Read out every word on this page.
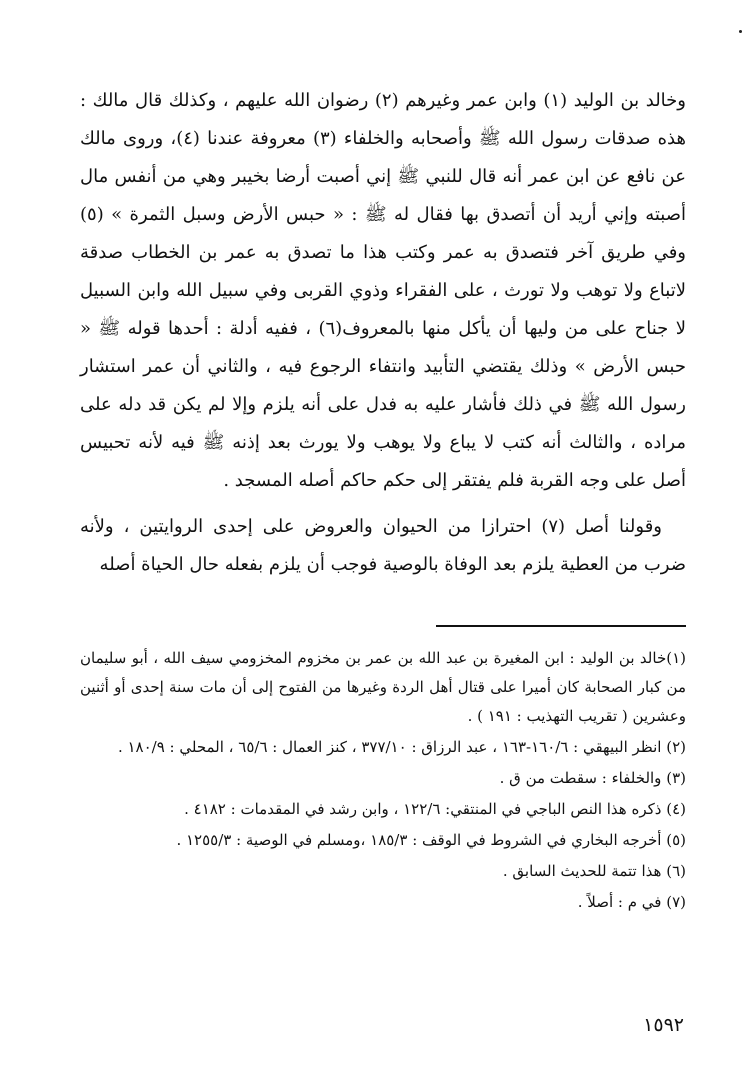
وخالد بن الوليد (١) وابن عمر وغيرهم (٢) رضوان الله عليهم ، وكذلك قال مالك : هذه صدقات رسول الله ﷺ وأصحابه والخلفاء (٣) معروفة عندنا (٤)، وروى مالك عن نافع عن ابن عمر أنه قال للنبي ﷺ إني أصبت أرضا بخيبر وهي من أنفس مال أصبته وإني أريد أن أتصدق بها فقال له ﷺ : « حبس الأرض وسبل الثمرة » (٥) وفي طريق آخر فتصدق به عمر وكتب هذا ما تصدق به عمر بن الخطاب صدقة لاتباع ولا توهب ولا تورث ، على الفقراء وذوي القربى وفي سبيل الله وابن السبيل لا جناح على من وليها أن يأكل منها بالمعروف(٦) ، ففيه أدلة : أحدها قوله ﷺ « حبس الأرض » وذلك يقتضي التأبيد وانتفاء الرجوع فيه ، والثاني أن عمر استشار رسول الله ﷺ في ذلك فأشار عليه به فدل على أنه يلزم وإلا لم يكن قد دله على مراده ، والثالث أنه كتب لا يباع ولا يوهب ولا يورث بعد إذنه ﷺ فيه لأنه تحبيس أصل على وجه القربة فلم يفتقر إلى حكم حاكم أصله المسجد .

وقولنا أصل (٧) احترازا من الحيوان والعروض على إحدى الروايتين ، ولأنه ضرب من العطية يلزم بعد الوفاة بالوصية فوجب أن يلزم بفعله حال الحياة أصله

(١)خالد بن الوليد : ابن المغيرة بن عبد الله بن عمر بن مخزوم المخزومي سيف الله ، أبو سليمان من كبار الصحابة كان أميرا على قتال أهل الردة وغيرها من الفتوح إلى أن مات سنة إحدى أو أثنين وعشرين ( تقريب التهذيب : ١٩١ ) .
(٢) انظر البيهقي : ١٦٠/٦-١٦٣ ، عبد الرزاق : ٣٧٧/١٠ ، كنز العمال : ٦٥/٦ ، المحلي : ١٨٠/٩ .
(٣) والخلفاء : سقطت من ق .
(٤) ذكره هذا النص الباجي في المنتقي: ١٢٢/٦ ، وابن رشد في المقدمات : ٤١٨٢ .
(٥) أخرجه البخاري في الشروط في الوقف : ١٨٥/٣ ،ومسلم في الوصية : ١٢٥٥/٣ .
(٦) هذا تتمة للحديث السابق .
(٧) في م : أصلاً .
١٥٩٢
